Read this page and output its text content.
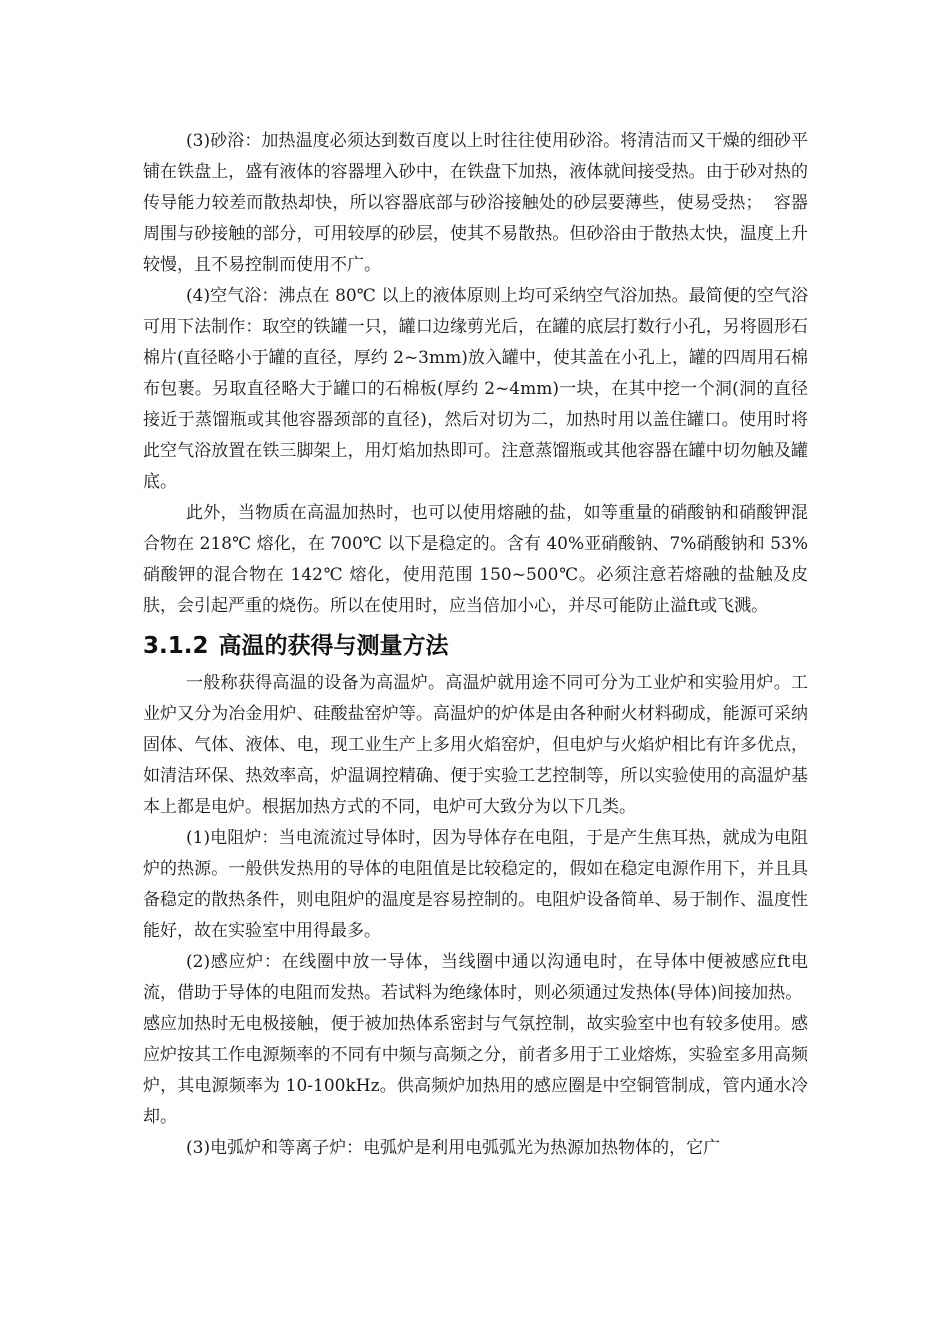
(3)砂浴：加热温度必须达到数百度以上时往往使用砂浴。将清洁而又干燥的细砂平铺在铁盘上，盛有液体的容器埋入砂中，在铁盘下加热，液体就间接受热。由于砂对热的传导能力较差而散热却快，所以容器底部与砂浴接触处的砂层要薄些，使易受热；  容器周围与砂接触的部分，可用较厚的砂层，使其不易散热。但砂浴由于散热太快，温度上升较慢，且不易控制而使用不广。

(4)空气浴：沸点在 80℃ 以上的液体原则上均可采纳空气浴加热。最简便的空气浴可用下法制作：取空的铁罐一只，罐口边缘剪光后，在罐的底层打数行小孔，另将圆形石棉片(直径略小于罐的直径，厚约 2~3mm)放入罐中，使其盖在小孔上，罐的四周用石棉布包裹。另取直径略大于罐口的石棉板(厚约 2~4mm)一块，在其中挖一个洞(洞的直径接近于蒸馏瓶或其他容器颈部的直径)，然后对切为二，加热时用以盖住罐口。使用时将此空气浴放置在铁三脚架上，用灯焰加热即可。注意蒸馏瓶或其他容器在罐中切勿触及罐底。

此外，当物质在高温加热时，也可以使用熔融的盐，如等重量的硝酸钠和硝酸钾混合物在 218℃ 熔化，在 700℃ 以下是稳定的。含有 40%亚硝酸钠、7%硝酸钠和 53%硝酸钾的混合物在 142℃ 熔化，使用范围 150~500℃。必须注意若熔融的盐触及皮肤，会引起严重的烧伤。所以在使用时，应当倍加小心，并尽可能防止溢ft或飞溅。

3.1.2 高温的获得与测量方法

一般称获得高温的设备为高温炉。高温炉就用途不同可分为工业炉和实验用炉。工业炉又分为冶金用炉、硅酸盐窑炉等。高温炉的炉体是由各种耐火材料砌成，能源可采纳固体、气体、液体、电，现工业生产上多用火焰窑炉，但电炉与火焰炉相比有许多优点，如清洁环保、热效率高，炉温调控精确、便于实验工艺控制等，所以实验使用的高温炉基本上都是电炉。根据加热方式的不同，电炉可大致分为以下几类。

(1)电阻炉：当电流流过导体时，因为导体存在电阻，于是产生焦耳热，就成为电阻炉的热源。一般供发热用的导体的电阻值是比较稳定的，假如在稳定电源作用下，并且具备稳定的散热条件，则电阻炉的温度是容易控制的。电阻炉设备简单、易于制作、温度性能好，故在实验室中用得最多。

(2)感应炉：在线圈中放一导体，当线圈中通以沟通电时，在导体中便被感应ft电流，借助于导体的电阻而发热。若试料为绝缘体时，则必须通过发热体(导体)间接加热。

感应加热时无电极接触，便于被加热体系密封与气氛控制，故实验室中也有较多使用。感应炉按其工作电源频率的不同有中频与高频之分，前者多用于工业熔炼，实验室多用高频炉，其电源频率为 10-100kHz。供高频炉加热用的感应圈是中空铜管制成，管内通水冷却。

(3)电弧炉和等离子炉：电弧炉是利用电弧弧光为热源加热物体的，它广
